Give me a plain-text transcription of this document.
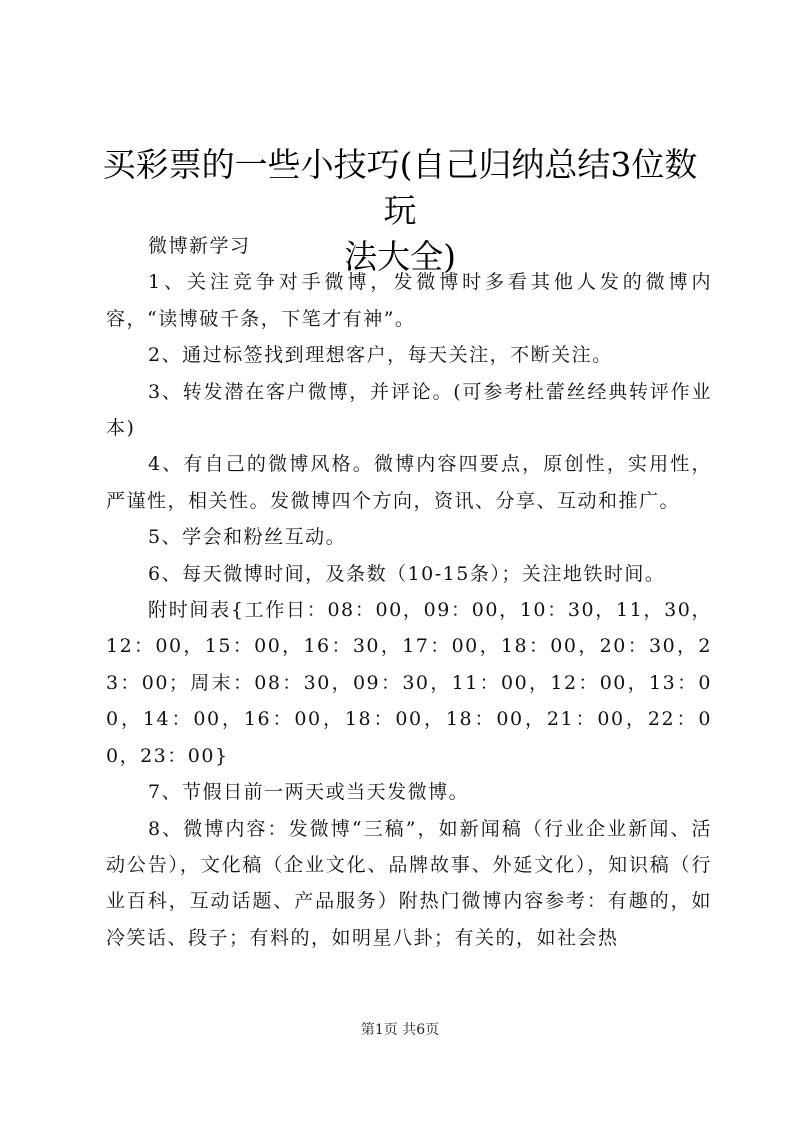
买彩票的一些小技巧(自己归纳总结3位数玩
法大全)

微博新学习

1、关注竞争对手微博，发微博时多看其他人发的微博内容，“读博破千条，下笔才有神”。

2、通过标签找到理想客户，每天关注，不断关注。

3、转发潜在客户微博，并评论。(可参考杜蕾丝经典转评作业本)

4、有自己的微博风格。微博内容四要点，原创性，实用性，严谨性，相关性。发微博四个方向，资讯、分享、互动和推广。

5、学会和粉丝互动。

6、每天微博时间，及条数（10-15条）；关注地铁时间。

附时间表{工作日：08：00，09：00，10：30，11，30，12：00，15：00，16：30，17：00，18：00，20：30，23：00；周末：08：30，09：30，11：00，12：00，13：00，14：00，16：00，18：00，18：00，21：00，22：00，23：00}

7、节假日前一两天或当天发微博。

8、微博内容：发微博“三稿”，如新闻稿（行业企业新闻、活动公告），文化稿（企业文化、品牌故事、外延文化），知识稿（行业百科，互动话题、产品服务）附热门微博内容参考：有趣的，如冷笑话、段子；有料的，如明星八卦；有关的，如社会热

第1页 共6页
